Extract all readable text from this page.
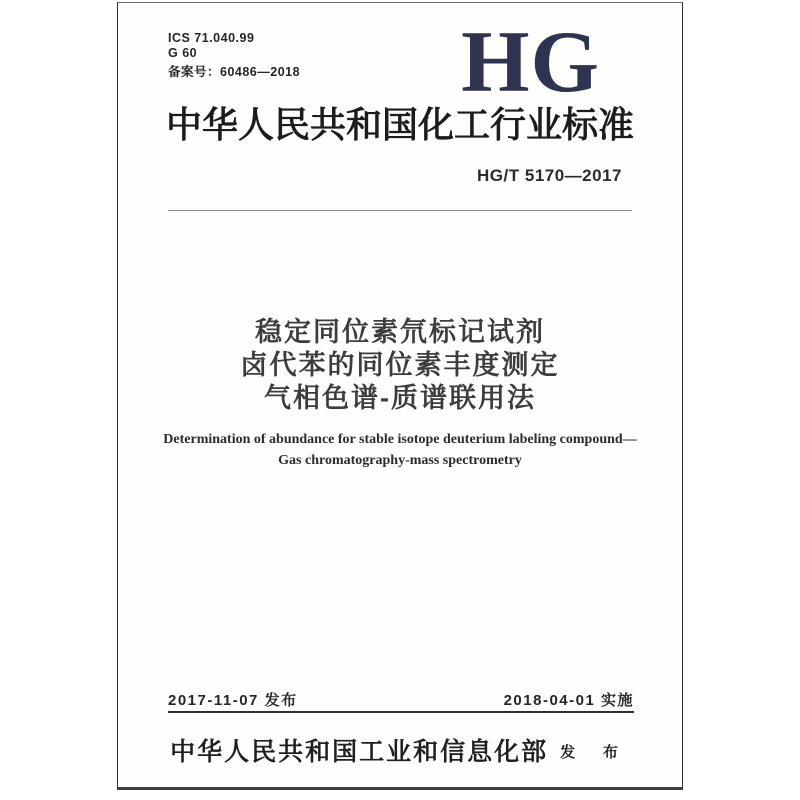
ICS 71.040.99
G 60
备案号：60486—2018 HG
中华人民共和国化工行业标准
HG/T 5170—2017
稳定同位素氘标记试剂
卤代苯的同位素丰度测定
气相色谱-质谱联用法
Determination of abundance for stable isotope deuterium labeling compound—
Gas chromatography-mass spectrometry
2017-11-07 发布	2018-04-01 实施
中华人民共和国工业和信息化部 发 布
